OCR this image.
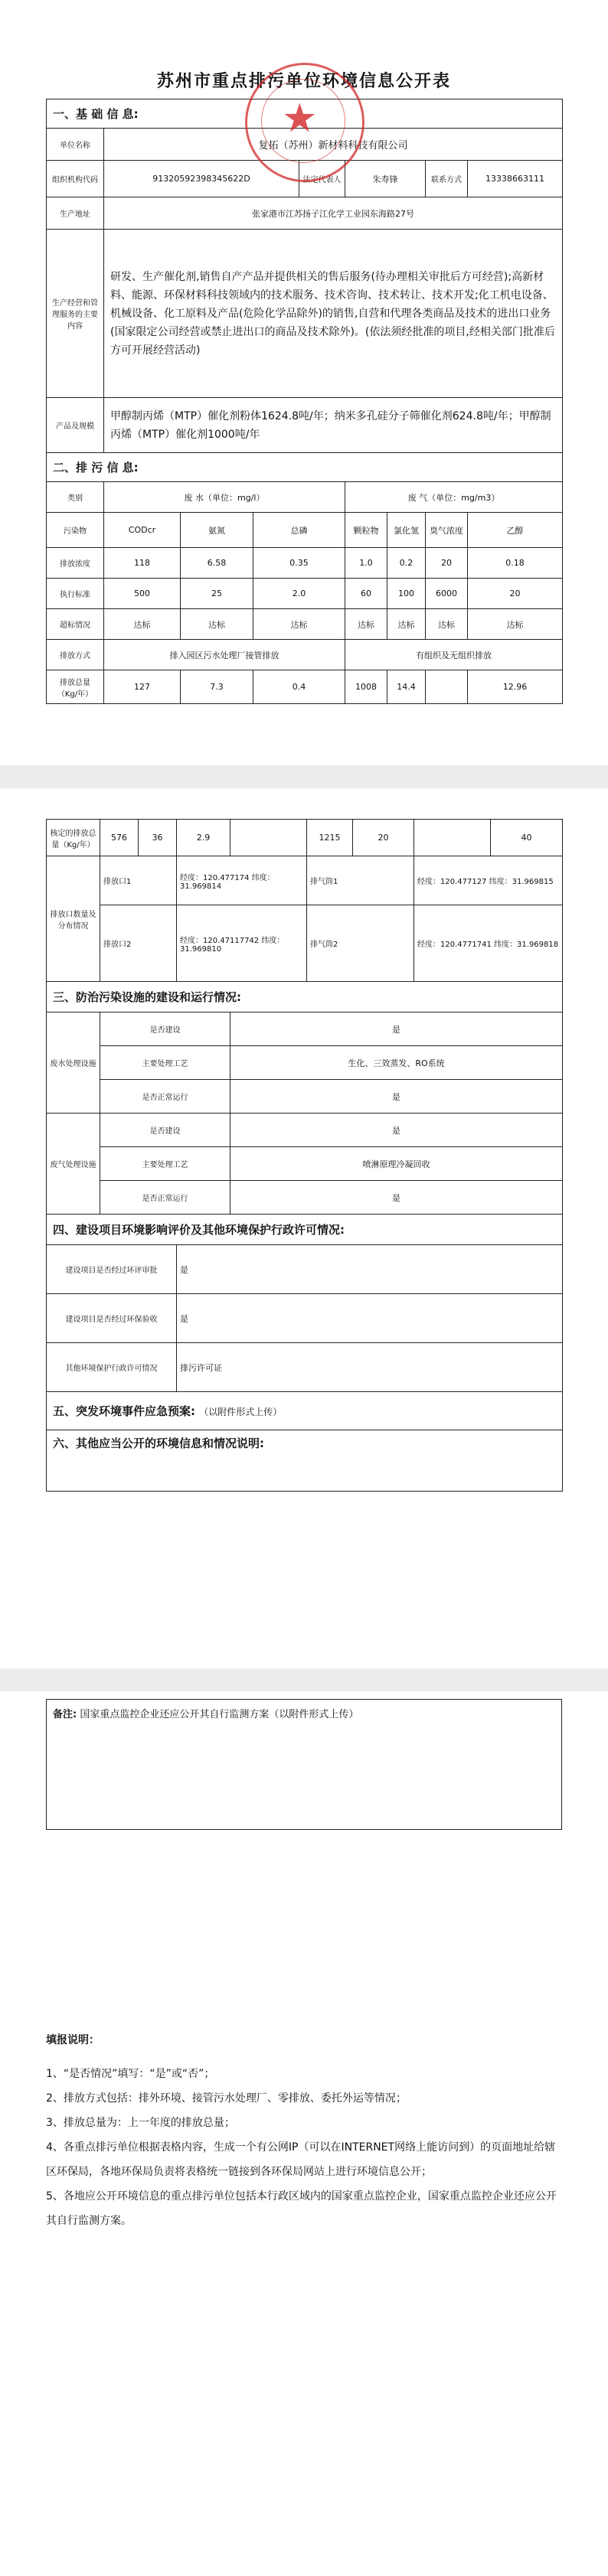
苏州市重点排污单位环境信息公开表
一、基 础 信 息:								
单位名称	复拓（苏州）新材料科技有限公司							
组织机构代码	91320592398345622D			法定代表人	朱寿锋		联系方式	13338663111
生产地址	张家港市江苏扬子江化学工业园东海路27号							
生产经营和管理服务的主要内容	研发、生产催化剂,销售自产产品并提供相关的售后服务(待办理相关审批后方可经营);高新材料、能源、环保材料科技领域内的技术服务、技术咨询、技术转让、技术开发;化工机电设备、机械设备、化工原料及产品(危险化学品除外)的销售,自营和代理各类商品及技术的进出口业务(国家限定公司经营或禁止进出口的商品及技术除外)。(依法须经批准的项目,经相关部门批准后方可开展经营活动)							
产品及规模	甲醇制丙烯（MTP）催化剂粉体1624.8吨/年；纳米多孔硅分子筛催化剂624.8吨/年；甲醇制丙烯（MTP）催化剂1000吨/年							
二、排 污 信 息:								
类别	废 水（单位：mg/l）				废 气（单位：mg/m3）			
污染物	CODcr	氨氮	总磷		颗粒物	氯化氢	臭气浓度	乙醇
排放浓度	118	6.58	0.35		1.0	0.2	20	0.18
执行标准	500	25	2.0		60	100	6000	20
超标情况	达标	达标	达标		达标	达标	达标	达标
排放方式	排入园区污水处理厂接管排放				有组织及无组织排放			
排放总量（Kg/年）	127	7.3	0.4		1008	14.4		12.96
★
核定的排放总量（Kg/年）	576	36	2.9		1215	20		40
排放口数量及分布情况	排放口1		经度：120.477174 纬度：31.969814		排气筒1		经度：120.477127 纬度：31.969815	
	排放口2		经度：120.47117742 纬度：31.969810		排气筒2		经度：120.4771741 纬度：31.969818	
三、防治污染设施的建设和运行情况:								
废水处理设施	是否建设			是				
	主要处理工艺			生化、三效蒸发、RO系统				
	是否正常运行			是				
废气处理设施	是否建设			是				
	主要处理工艺			喷淋原理冷凝回收				
	是否正常运行			是				
四、建设项目环境影响评价及其他环境保护行政许可情况:								
建设项目是否经过环评审批			是					
建设项目是否经过环保验收			是					
其他环境保护行政许可情况			排污许可证					
五、突发环境事件应急预案: （以附件形式上传）								
六、其他应当公开的环境信息和情况说明:								
备注: 国家重点监控企业还应公开其自行监测方案（以附件形式上传）

填报说明：

1、“是否情况”填写：“是”或“否”；

2、排放方式包括：排外环境、接管污水处理厂、零排放、委托外运等情况；

3、排放总量为：上一年度的排放总量；

4、各重点排污单位根据表格内容，生成一个有公网IP（可以在INTERNET网络上能访问到）的页面地址给辖区环保局，各地环保局负责将表格统一链接到各环保局网站上进行环境信息公开；

5、各地应公开环境信息的重点排污单位包括本行政区域内的国家重点监控企业，国家重点监控企业还应公开其自行监测方案。
